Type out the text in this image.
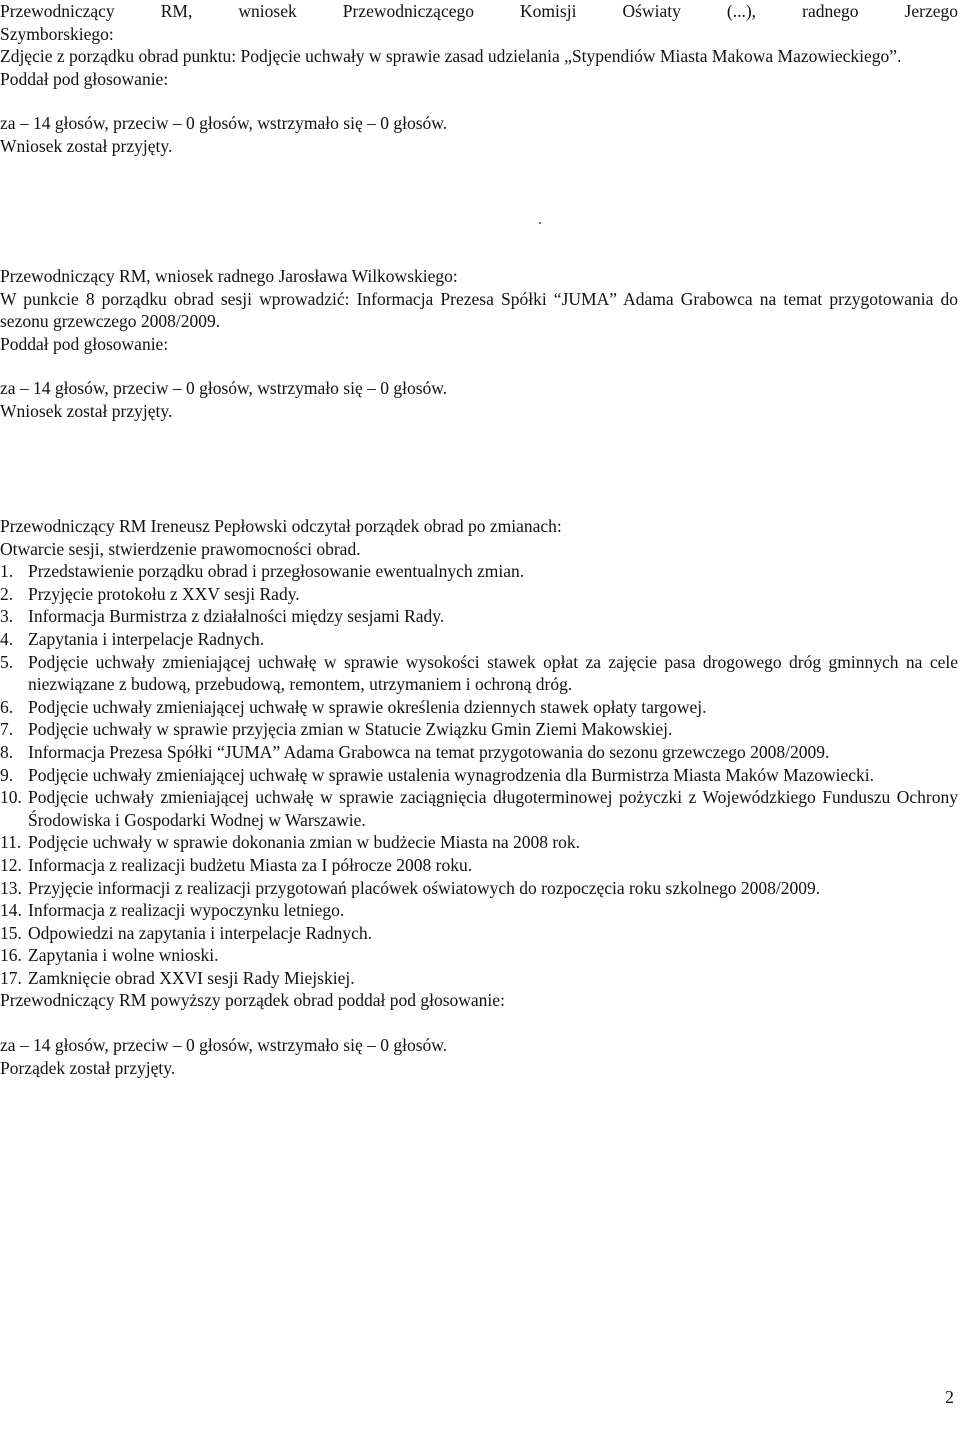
Przewodniczący RM, wniosek Przewodniczącego Komisji Oświaty (...), radnego Jerzego
Szymborskiego:
Zdjęcie z porządku obrad punktu: Podjęcie uchwały w sprawie zasad udzielania „Stypendiów Miasta Makowa Mazowieckiego”.
Poddał pod głosowanie:
za – 14 głosów, przeciw – 0 głosów, wstrzymało się – 0 głosów.
Wniosek został przyjęty.
Przewodniczący RM, wniosek radnego Jarosława Wilkowskiego:
W punkcie 8 porządku obrad sesji wprowadzić: Informacja Prezesa Spółki “JUMA” Adama Grabowca na temat przygotowania do sezonu grzewczego 2008/2009.
Poddał pod głosowanie:
za – 14 głosów, przeciw – 0 głosów, wstrzymało się – 0 głosów.
Wniosek został przyjęty.
Przewodniczący RM Ireneusz Pepłowski odczytał porządek obrad po zmianach:
Otwarcie sesji, stwierdzenie prawomocności obrad.
1. Przedstawienie porządku obrad i przegłosowanie ewentualnych zmian.
2. Przyjęcie protokołu z XXV sesji Rady.
3. Informacja Burmistrza z działalności między sesjami Rady.
4. Zapytania i interpelacje Radnych.
5. Podjęcie uchwały zmieniającej uchwałę w sprawie wysokości stawek opłat za zajęcie pasa drogowego dróg gminnych na cele niezwiązane z budową, przebudową, remontem, utrzymaniem i ochroną dróg.
6. Podjęcie uchwały zmieniającej uchwałę w sprawie określenia dziennych stawek opłaty targowej.
7. Podjęcie uchwały w sprawie przyjęcia zmian w Statucie Związku Gmin Ziemi Makowskiej.
8. Informacja Prezesa Spółki “JUMA” Adama Grabowca na temat przygotowania do sezonu grzewczego 2008/2009.
9. Podjęcie uchwały zmieniającej uchwałę w sprawie ustalenia wynagrodzenia dla Burmistrza Miasta Maków Mazowiecki.
10. Podjęcie uchwały zmieniającej uchwałę w sprawie zaciągnięcia długoterminowej pożyczki z Wojewódzkiego Funduszu Ochrony Środowiska i Gospodarki Wodnej w Warszawie.
11. Podjęcie uchwały w sprawie dokonania zmian w budżecie Miasta na 2008 rok.
12. Informacja z realizacji budżetu Miasta za I półrocze 2008 roku.
13. Przyjęcie informacji z realizacji przygotowań placówek oświatowych do rozpoczęcia roku szkolnego 2008/2009.
14. Informacja z realizacji wypoczynku letniego.
15. Odpowiedzi na zapytania i interpelacje Radnych.
16. Zapytania i wolne wnioski.
17. Zamknięcie obrad XXVI sesji Rady Miejskiej.
Przewodniczący RM powyższy porządek obrad poddał pod głosowanie:
za – 14 głosów, przeciw – 0 głosów, wstrzymało się – 0 głosów.
Porządek został przyjęty.
2
